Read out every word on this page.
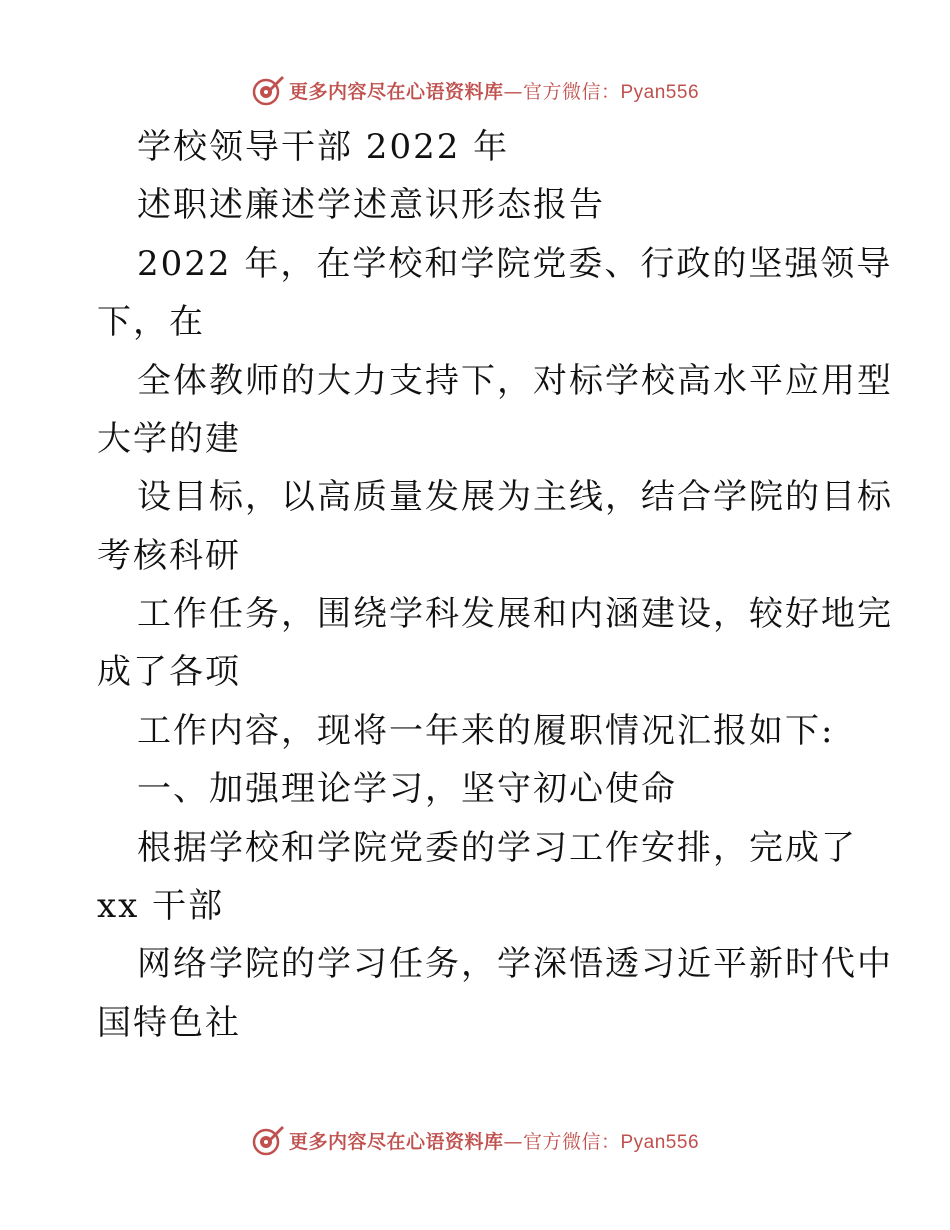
更多内容尽在心语资料库—官方微信：Pyan556
学校领导干部 2022 年
述职述廉述学述意识形态报告
2022 年，在学校和学院党委、行政的坚强领导
下，在
全体教师的大力支持下，对标学校高水平应用型
大学的建
设目标，以高质量发展为主线，结合学院的目标
考核科研
工作任务，围绕学科发展和内涵建设，较好地完
成了各项
工作内容，现将一年来的履职情况汇报如下:
一、加强理论学习，坚守初心使命
根据学校和学院党委的学习工作安排，完成了
xx 干部
网络学院的学习任务，学深悟透习近平新时代中
国特色社
更多内容尽在心语资料库—官方微信：Pyan556
